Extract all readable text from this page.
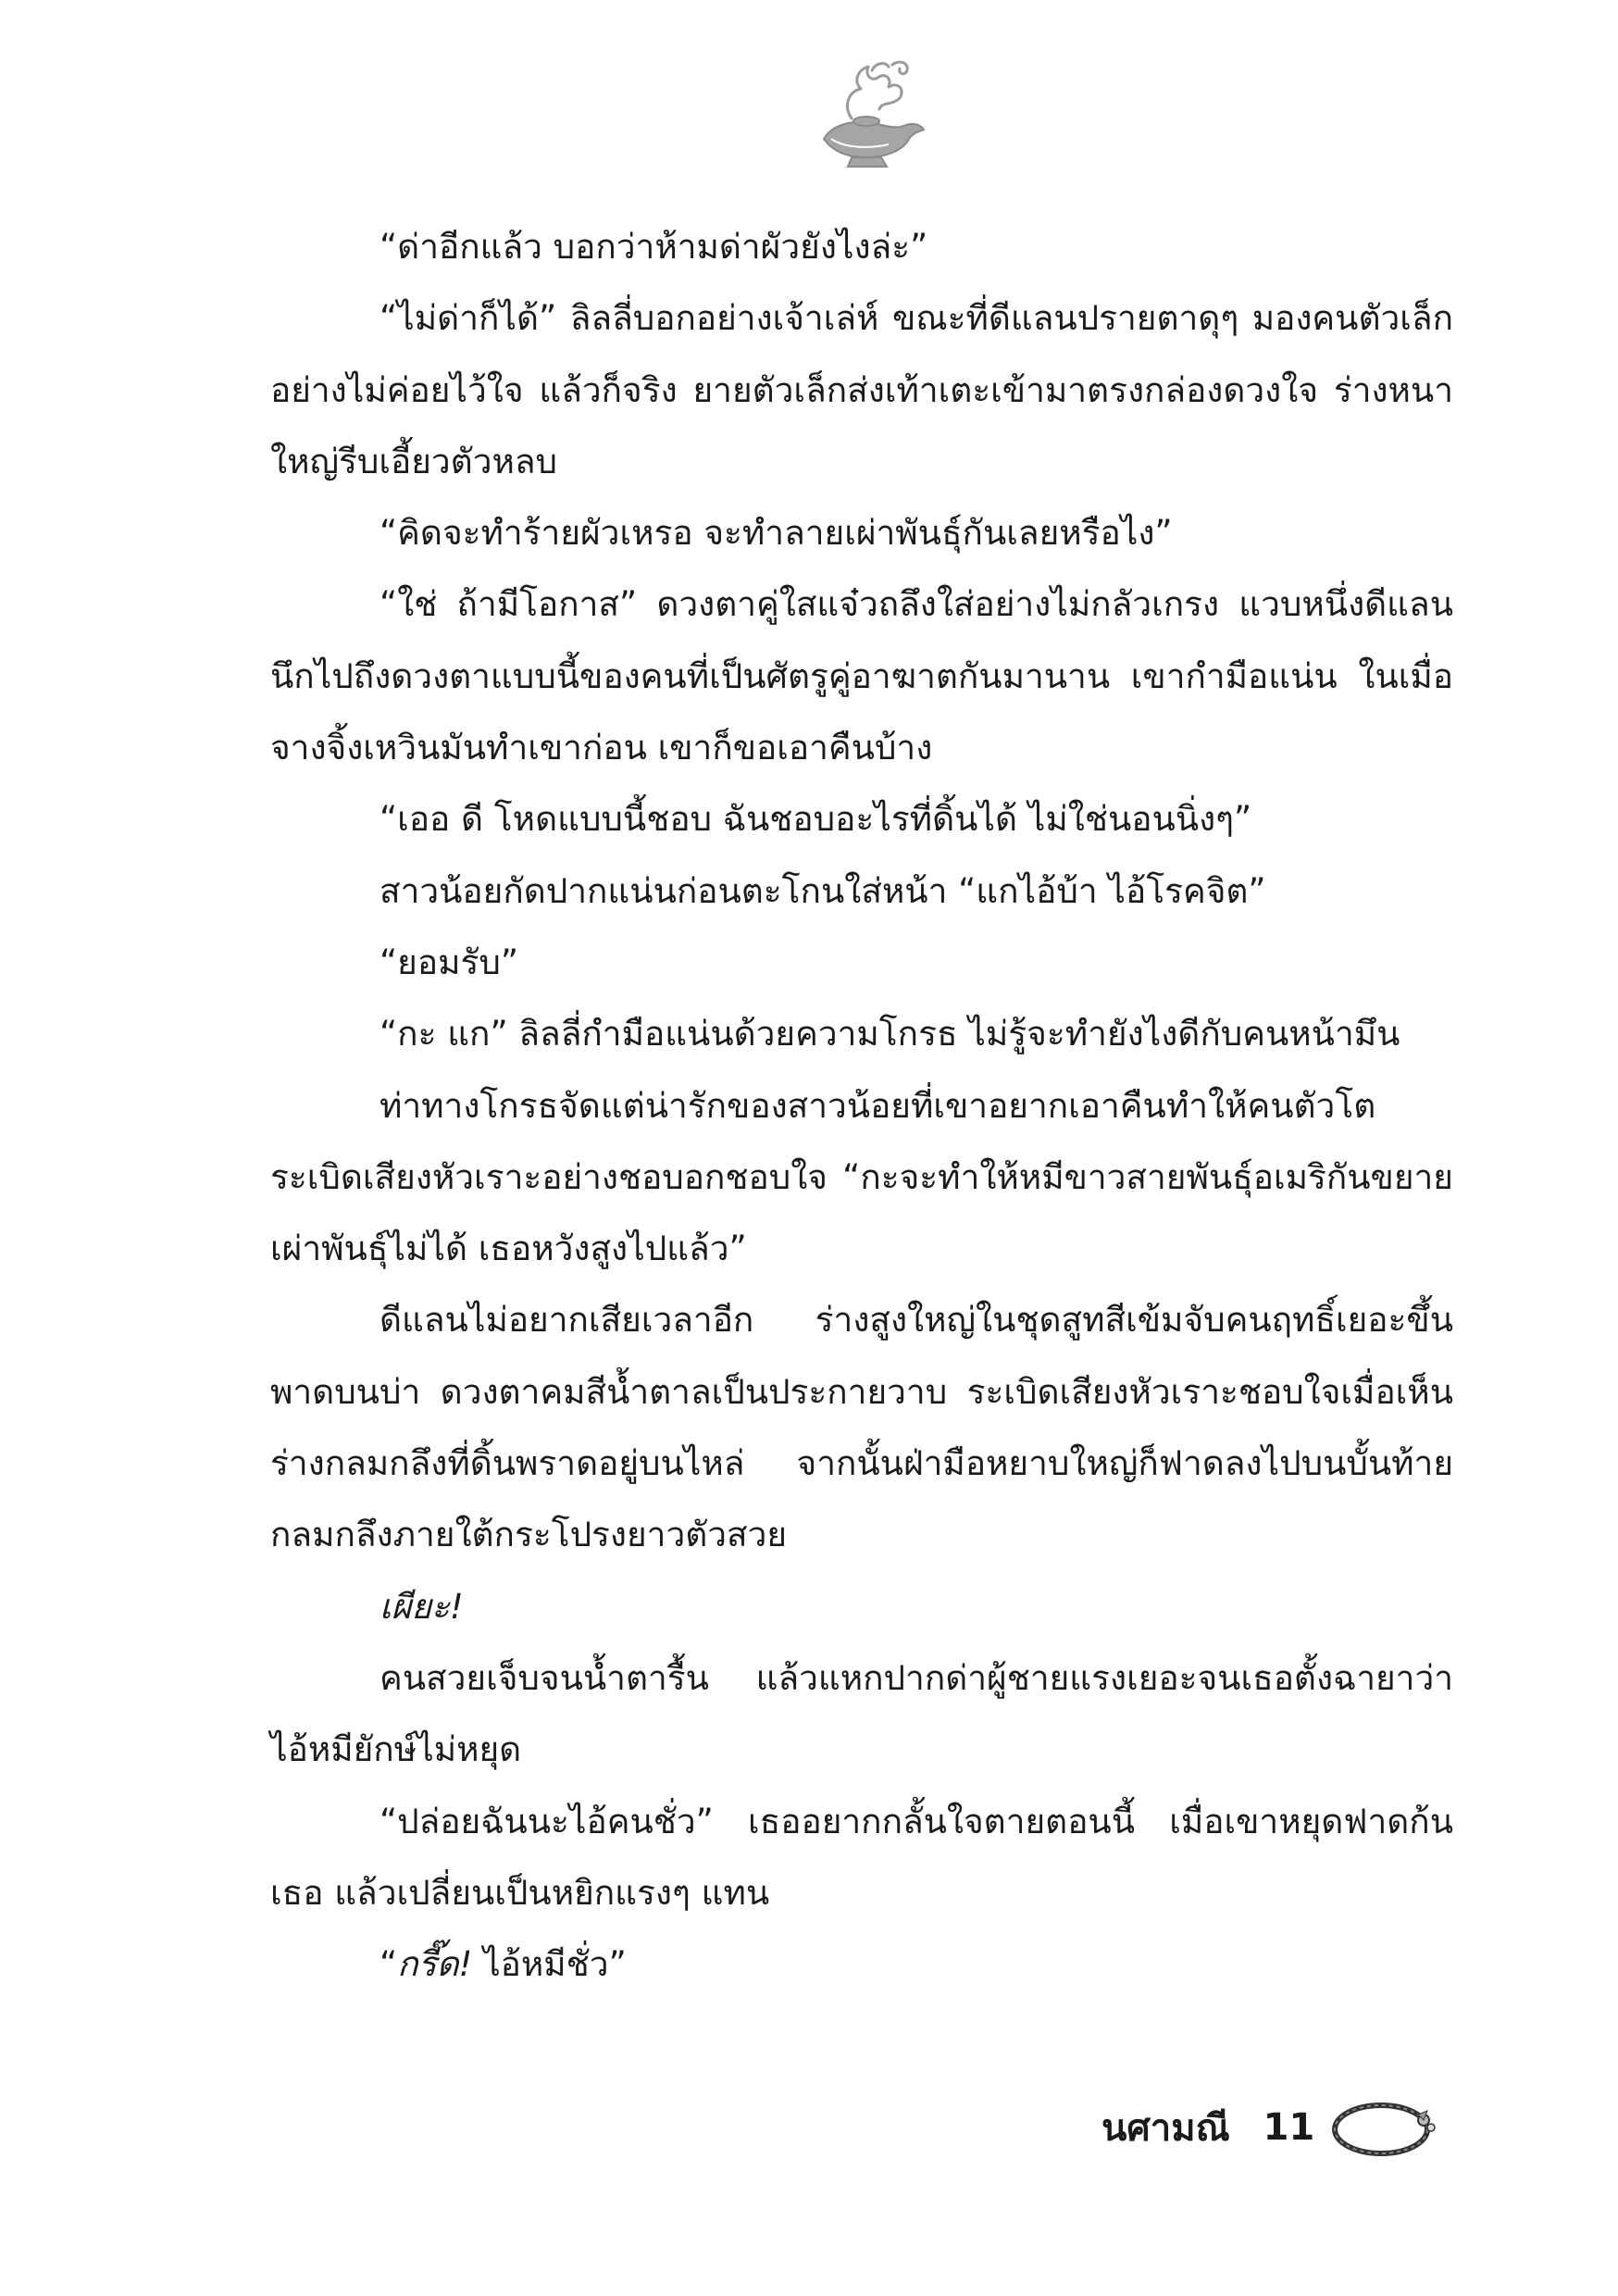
“ด่าอีกแล้ว บอกว่าห้ามด่าผัวยังไงล่ะ”

“ไม่ด่าก็ได้” ลิลลี่บอกอย่างเจ้าเล่ห์ ขณะที่ดีแลนปรายตาดุๆ มองคนตัวเล็กอย่างไม่ค่อยไว้ใจ แล้วก็จริง ยายตัวเล็กส่งเท้าเตะเข้ามาตรงกล่องดวงใจ ร่างหนาใหญ่รีบเอี้ยวตัวหลบ

“คิดจะทำร้ายผัวเหรอ จะทำลายเผ่าพันธุ์กันเลยหรือไง”

“ใช่ ถ้ามีโอกาส” ดวงตาคู่ใสแจ๋วถลึงใส่อย่างไม่กลัวเกรง แวบหนึ่งดีแลนนึกไปถึงดวงตาแบบนี้ของคนที่เป็นศัตรูคู่อาฆาตกันมานาน เขากำมือแน่น ในเมื่อจางจิ้งเหวินมันทำเขาก่อน เขาก็ขอเอาคืนบ้าง

“เออ ดี โหดแบบนี้ชอบ ฉันชอบอะไรที่ดิ้นได้ ไม่ใช่นอนนิ่งๆ”

สาวน้อยกัดปากแน่นก่อนตะโกนใส่หน้า “แกไอ้บ้า ไอ้โรคจิต”

“ยอมรับ”

“กะ แก” ลิลลี่กำมือแน่นด้วยความโกรธ ไม่รู้จะทำยังไงดีกับคนหน้ามึน

ท่าทางโกรธจัดแต่น่ารักของสาวน้อยที่เขาอยากเอาคืนทำให้คนตัวโตระเบิดเสียงหัวเราะอย่างชอบอกชอบใจ “กะจะทำให้หมีขาวสายพันธุ์อเมริกันขยายเผ่าพันธุ์ไม่ได้ เธอหวังสูงไปแล้ว”

ดีแลนไม่อยากเสียเวลาอีก ร่างสูงใหญ่ในชุดสูทสีเข้มจับคนฤทธิ์เยอะขึ้นพาดบนบ่า ดวงตาคมสีน้ำตาลเป็นประกายวาบ ระเบิดเสียงหัวเราะชอบใจเมื่อเห็นร่างกลมกลึงที่ดิ้นพราดอยู่บนไหล่ จากนั้นฝ่ามือหยาบใหญ่ก็ฟาดลงไปบนบั้นท้ายกลมกลึงภายใต้กระโปรงยาวตัวสวย

เผียะ!

คนสวยเจ็บจนน้ำตารื้น แล้วแหกปากด่าผู้ชายแรงเยอะจนเธอตั้งฉายาว่าไอ้หมียักษ์ไม่หยุด

“ปล่อยฉันนะไอ้คนชั่ว” เธออยากกลั้นใจตายตอนนี้ เมื่อเขาหยุดฟาดก้นเธอ แล้วเปลี่ยนเป็นหยิกแรงๆ แทน

“กรี๊ด! ไอ้หมีชั่ว”

นศามณี 11
